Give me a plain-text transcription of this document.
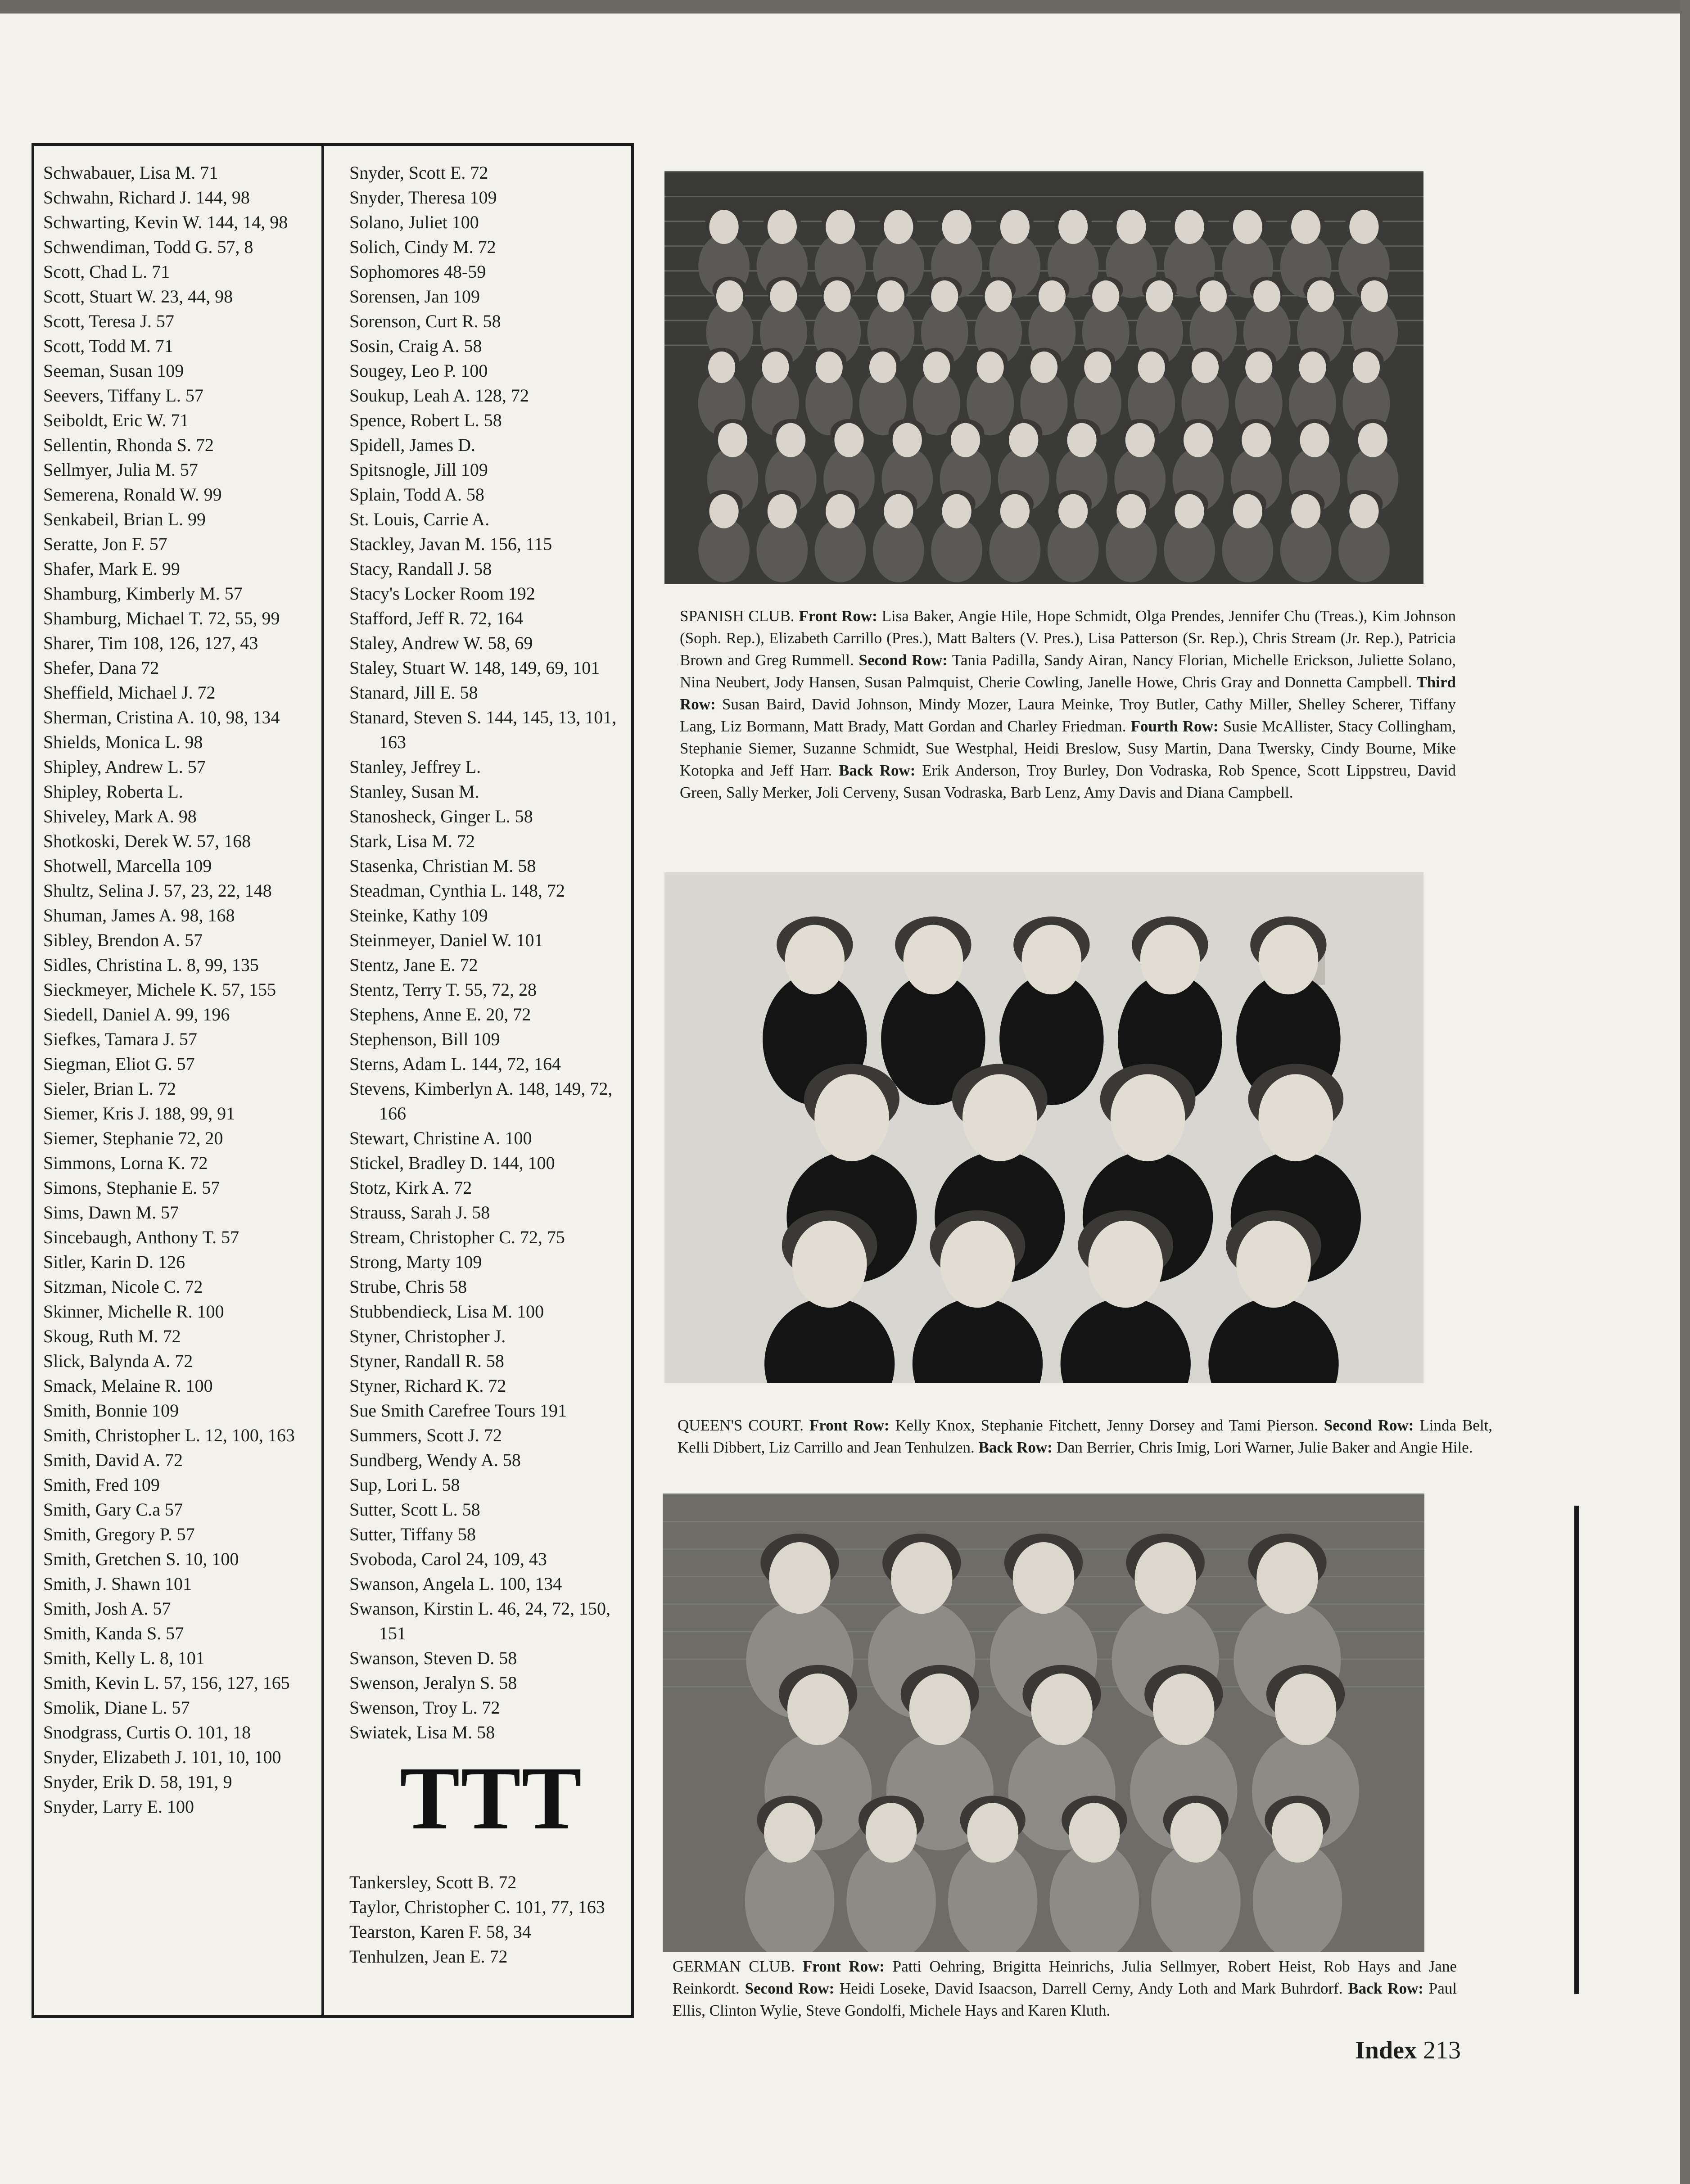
Schwabauer, Lisa M. 71
Schwahn, Richard J. 144, 98
Schwarting, Kevin W. 144, 14, 98
Schwendiman, Todd G. 57, 8
Scott, Chad L. 71
Scott, Stuart W. 23, 44, 98
Scott, Teresa J. 57
Scott, Todd M. 71
Seeman, Susan 109
Seevers, Tiffany L. 57
Seiboldt, Eric W. 71
Sellentin, Rhonda S. 72
Sellmyer, Julia M. 57
Semerena, Ronald W. 99
Senkabeil, Brian L. 99
Seratte, Jon F. 57
Shafer, Mark E. 99
Shamburg, Kimberly M. 57
Shamburg, Michael T. 72, 55, 99
Sharer, Tim 108, 126, 127, 43
Shefer, Dana 72
Sheffield, Michael J. 72
Sherman, Cristina A. 10, 98, 134
Shields, Monica L. 98
Shipley, Andrew L. 57
Shipley, Roberta L.
Shiveley, Mark A. 98
Shotkoski, Derek W. 57, 168
Shotwell, Marcella 109
Shultz, Selina J. 57, 23, 22, 148
Shuman, James A. 98, 168
Sibley, Brendon A. 57
Sidles, Christina L. 8, 99, 135
Sieckmeyer, Michele K. 57, 155
Siedell, Daniel A. 99, 196
Siefkes, Tamara J. 57
Siegman, Eliot G. 57
Sieler, Brian L. 72
Siemer, Kris J. 188, 99, 91
Siemer, Stephanie 72, 20
Simmons, Lorna K. 72
Simons, Stephanie E. 57
Sims, Dawn M. 57
Sincebaugh, Anthony T. 57
Sitler, Karin D. 126
Sitzman, Nicole C. 72
Skinner, Michelle R. 100
Skoug, Ruth M. 72
Slick, Balynda A. 72
Smack, Melaine R. 100
Smith, Bonnie 109
Smith, Christopher L. 12, 100, 163
Smith, David A. 72
Smith, Fred 109
Smith, Gary C.a 57
Smith, Gregory P. 57
Smith, Gretchen S. 10, 100
Smith, J. Shawn 101
Smith, Josh A. 57
Smith, Kanda S. 57
Smith, Kelly L. 8, 101
Smith, Kevin L. 57, 156, 127, 165
Smolik, Diane L. 57
Snodgrass, Curtis O. 101, 18
Snyder, Elizabeth J. 101, 10, 100
Snyder, Erik D. 58, 191, 9
Snyder, Larry E. 100
Snyder, Scott E. 72
Snyder, Theresa 109
Solano, Juliet 100
Solich, Cindy M. 72
Sophomores 48-59
Sorensen, Jan 109
Sorenson, Curt R. 58
Sosin, Craig A. 58
Sougey, Leo P. 100
Soukup, Leah A. 128, 72
Spence, Robert L. 58
Spidell, James D.
Spitsnogle, Jill 109
Splain, Todd A. 58
St. Louis, Carrie A.
Stackley, Javan M. 156, 115
Stacy, Randall J. 58
Stacy's Locker Room 192
Stafford, Jeff R. 72, 164
Staley, Andrew W. 58, 69
Staley, Stuart W. 148, 149, 69, 101
Stanard, Jill E. 58
Stanard, Steven S. 144, 145, 13, 101, 163
Stanley, Jeffrey L.
Stanley, Susan M.
Stanosheck, Ginger L. 58
Stark, Lisa M. 72
Stasenka, Christian M. 58
Steadman, Cynthia L. 148, 72
Steinke, Kathy 109
Steinmeyer, Daniel W. 101
Stentz, Jane E. 72
Stentz, Terry T. 55, 72, 28
Stephens, Anne E. 20, 72
Stephenson, Bill 109
Sterns, Adam L. 144, 72, 164
Stevens, Kimberlyn A. 148, 149, 72, 166
Stewart, Christine A. 100
Stickel, Bradley D. 144, 100
Stotz, Kirk A. 72
Strauss, Sarah J. 58
Stream, Christopher C. 72, 75
Strong, Marty 109
Strube, Chris 58
Stubbendieck, Lisa M. 100
Styner, Christopher J.
Styner, Randall R. 58
Styner, Richard K. 72
Sue Smith Carefree Tours 191
Summers, Scott J. 72
Sundberg, Wendy A. 58
Sup, Lori L. 58
Sutter, Scott L. 58
Sutter, Tiffany 58
Svoboda, Carol 24, 109, 43
Swanson, Angela L. 100, 134
Swanson, Kirstin L. 46, 24, 72, 150, 151
Swanson, Steven D. 58
Swenson, Jeralyn S. 58
Swenson, Troy L. 72
Swiatek, Lisa M. 58
TTT
Tankersley, Scott B. 72
Taylor, Christopher C. 101, 77, 163
Tearston, Karen F. 58, 34
Tenhulzen, Jean E. 72
SPANISH CLUB. Front Row: Lisa Baker, Angie Hile, Hope Schmidt, Olga Prendes, Jennifer Chu (Treas.), Kim Johnson (Soph. Rep.), Elizabeth Carrillo (Pres.), Matt Balters (V. Pres.), Lisa Patterson (Sr. Rep.), Chris Stream (Jr. Rep.), Patricia Brown and Greg Rummell. Second Row: Tania Padilla, Sandy Airan, Nancy Florian, Michelle Erickson, Juliette Solano, Nina Neubert, Jody Hansen, Susan Palmquist, Cherie Cowling, Janelle Howe, Chris Gray and Donnetta Campbell. Third Row: Susan Baird, David Johnson, Mindy Mozer, Laura Meinke, Troy Butler, Cathy Miller, Shelley Scherer, Tiffany Lang, Liz Bormann, Matt Brady, Matt Gordan and Charley Friedman. Fourth Row: Susie McAllister, Stacy Collingham, Stephanie Siemer, Suzanne Schmidt, Sue Westphal, Heidi Breslow, Susy Martin, Dana Twersky, Cindy Bourne, Mike Kotopka and Jeff Harr. Back Row: Erik Anderson, Troy Burley, Don Vodraska, Rob Spence, Scott Lippstreu, David Green, Sally Merker, Joli Cerveny, Susan Vodraska, Barb Lenz, Amy Davis and Diana Campbell.
QUEEN'S COURT. Front Row: Kelly Knox, Stephanie Fitchett, Jenny Dorsey and Tami Pierson. Second Row: Linda Belt, Kelli Dibbert, Liz Carrillo and Jean Tenhulzen. Back Row: Dan Berrier, Chris Imig, Lori Warner, Julie Baker and Angie Hile.
GERMAN CLUB. Front Row: Patti Oehring, Brigitta Heinrichs, Julia Sellmyer, Robert Heist, Rob Hays and Jane Reinkordt. Second Row: Heidi Loseke, David Isaacson, Darrell Cerny, Andy Loth and Mark Buhrdorf. Back Row: Paul Ellis, Clinton Wylie, Steve Gondolfi, Michele Hays and Karen Kluth.
Index 213
